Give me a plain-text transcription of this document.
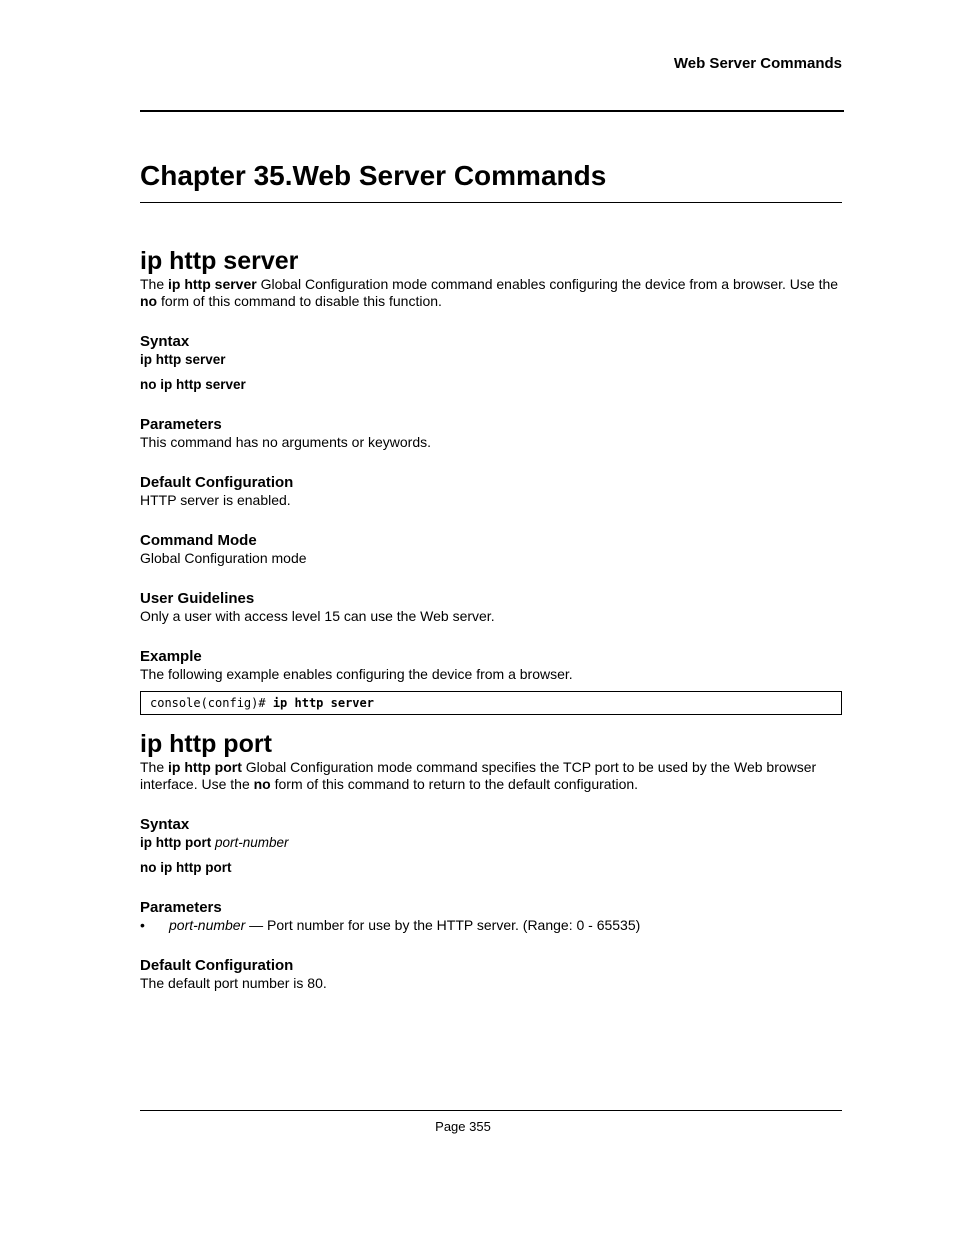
Web Server Commands
Chapter 35.Web Server Commands
ip http server

The ip http server Global Configuration mode command enables configuring the device from a browser. Use the no form of this command to disable this function.

Syntax

ip http server

no ip http server

Parameters

This command has no arguments or keywords.

Default Configuration

HTTP server is enabled.

Command Mode

Global Configuration mode

User Guidelines

Only a user with access level 15 can use the Web server.

Example

The following example enables configuring the device from a browser.

console(config)# ip http server
ip http port

The ip http port Global Configuration mode command specifies the TCP port to be used by the Web browser interface. Use the no form of this command to return to the default configuration.

Syntax

ip http port port-number

no ip http port

Parameters
•	port-number — Port number for use by the HTTP server. (Range: 0 - 65535)
Default Configuration

The default port number is 80.

Page 355
